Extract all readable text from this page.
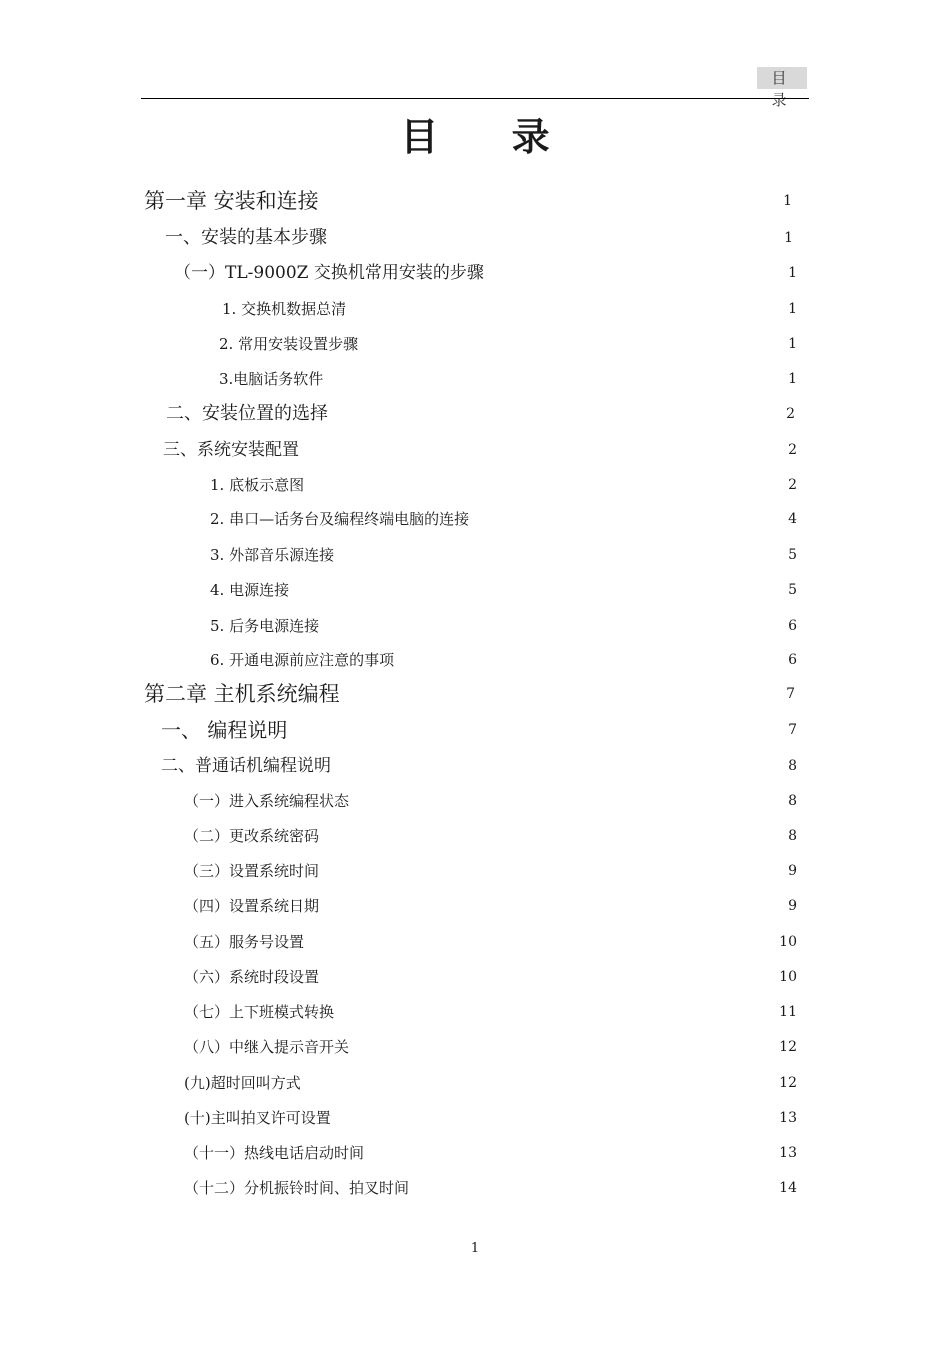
目 录
目 录
第一章 安装和连接	1
一、安装的基本步骤	1
（一）TL-9000Z 交换机常用安装的步骤	1
1. 交换机数据总清	1
2. 常用安装设置步骤	1
3.电脑话务软件	1
二、安装位置的选择	2
三、系统安装配置	2
1. 底板示意图	2
2. 串口—话务台及编程终端电脑的连接	4
3. 外部音乐源连接	5
4. 电源连接	5
5. 后务电源连接	6
6. 开通电源前应注意的事项	6
第二章 主机系统编程	7
一、 编程说明	7
二、普通话机编程说明	8
（一）进入系统编程状态	8
（二）更改系统密码	8
（三）设置系统时间	9
（四）设置系统日期	9
（五）服务号设置	10
（六）系统时段设置	10
（七）上下班模式转换	11
（八）中继入提示音开关	12
(九)超时回叫方式	12
(十)主叫拍叉许可设置	13
（十一）热线电话启动时间	13
（十二）分机振铃时间、拍叉时间	14
1
